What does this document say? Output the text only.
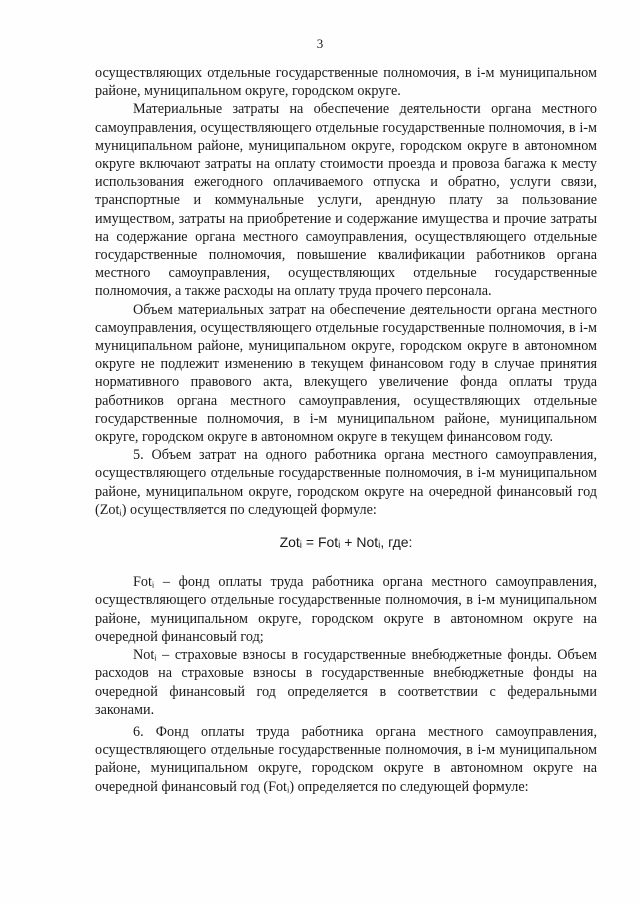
3

осуществляющих отдельные государственные полномочия, в i-м муниципальном районе, муниципальном округе, городском округе.

Материальные затраты на обеспечение деятельности органа местного самоуправления, осуществляющего отдельные государственные полномочия, в i-м муниципальном районе, муниципальном округе, городском округе в автономном округе включают затраты на оплату стоимости проезда и провоза багажа к месту использования ежегодного оплачиваемого отпуска и обратно, услуги связи, транспортные и коммунальные услуги, арендную плату за пользование имуществом, затраты на приобретение и содержание имущества и прочие затраты на содержание органа местного самоуправления, осуществляющего отдельные государственные полномочия, повышение квалификации работников органа местного самоуправления, осуществляющих отдельные государственные полномочия, а также расходы на оплату труда прочего персонала.

Объем материальных затрат на обеспечение деятельности органа местного самоуправления, осуществляющего отдельные государственные полномочия, в i-м муниципальном районе, муниципальном округе, городском округе в автономном округе не подлежит изменению в текущем финансовом году в случае принятия нормативного правового акта, влекущего увеличение фонда оплаты труда работников органа местного самоуправления, осуществляющих отдельные государственные полномочия, в i-м муниципальном районе, муниципальном округе, городском округе в автономном округе в текущем финансовом году.

5. Объем затрат на одного работника органа местного самоуправления, осуществляющего отдельные государственные полномочия, в i-м муниципальном районе, муниципальном округе, городском округе на очередной финансовый год (Zotᵢ) осуществляется по следующей формуле:

Zotᵢ = Fotᵢ + Notᵢ, где:

Fotᵢ – фонд оплаты труда работника органа местного самоуправления, осуществляющего отдельные государственные полномочия, в i-м муниципальном районе, муниципальном округе, городском округе в автономном округе на очередной финансовый год;

Notᵢ – страховые взносы в государственные внебюджетные фонды. Объем расходов на страховые взносы в государственные внебюджетные фонды на очередной финансовый год определяется в соответствии с федеральными законами.

6. Фонд оплаты труда работника органа местного самоуправления, осуществляющего отдельные государственные полномочия, в i-м муниципальном районе, муниципальном округе, городском округе в автономном округе на очередной финансовый год (Fotᵢ) определяется по следующей формуле:
